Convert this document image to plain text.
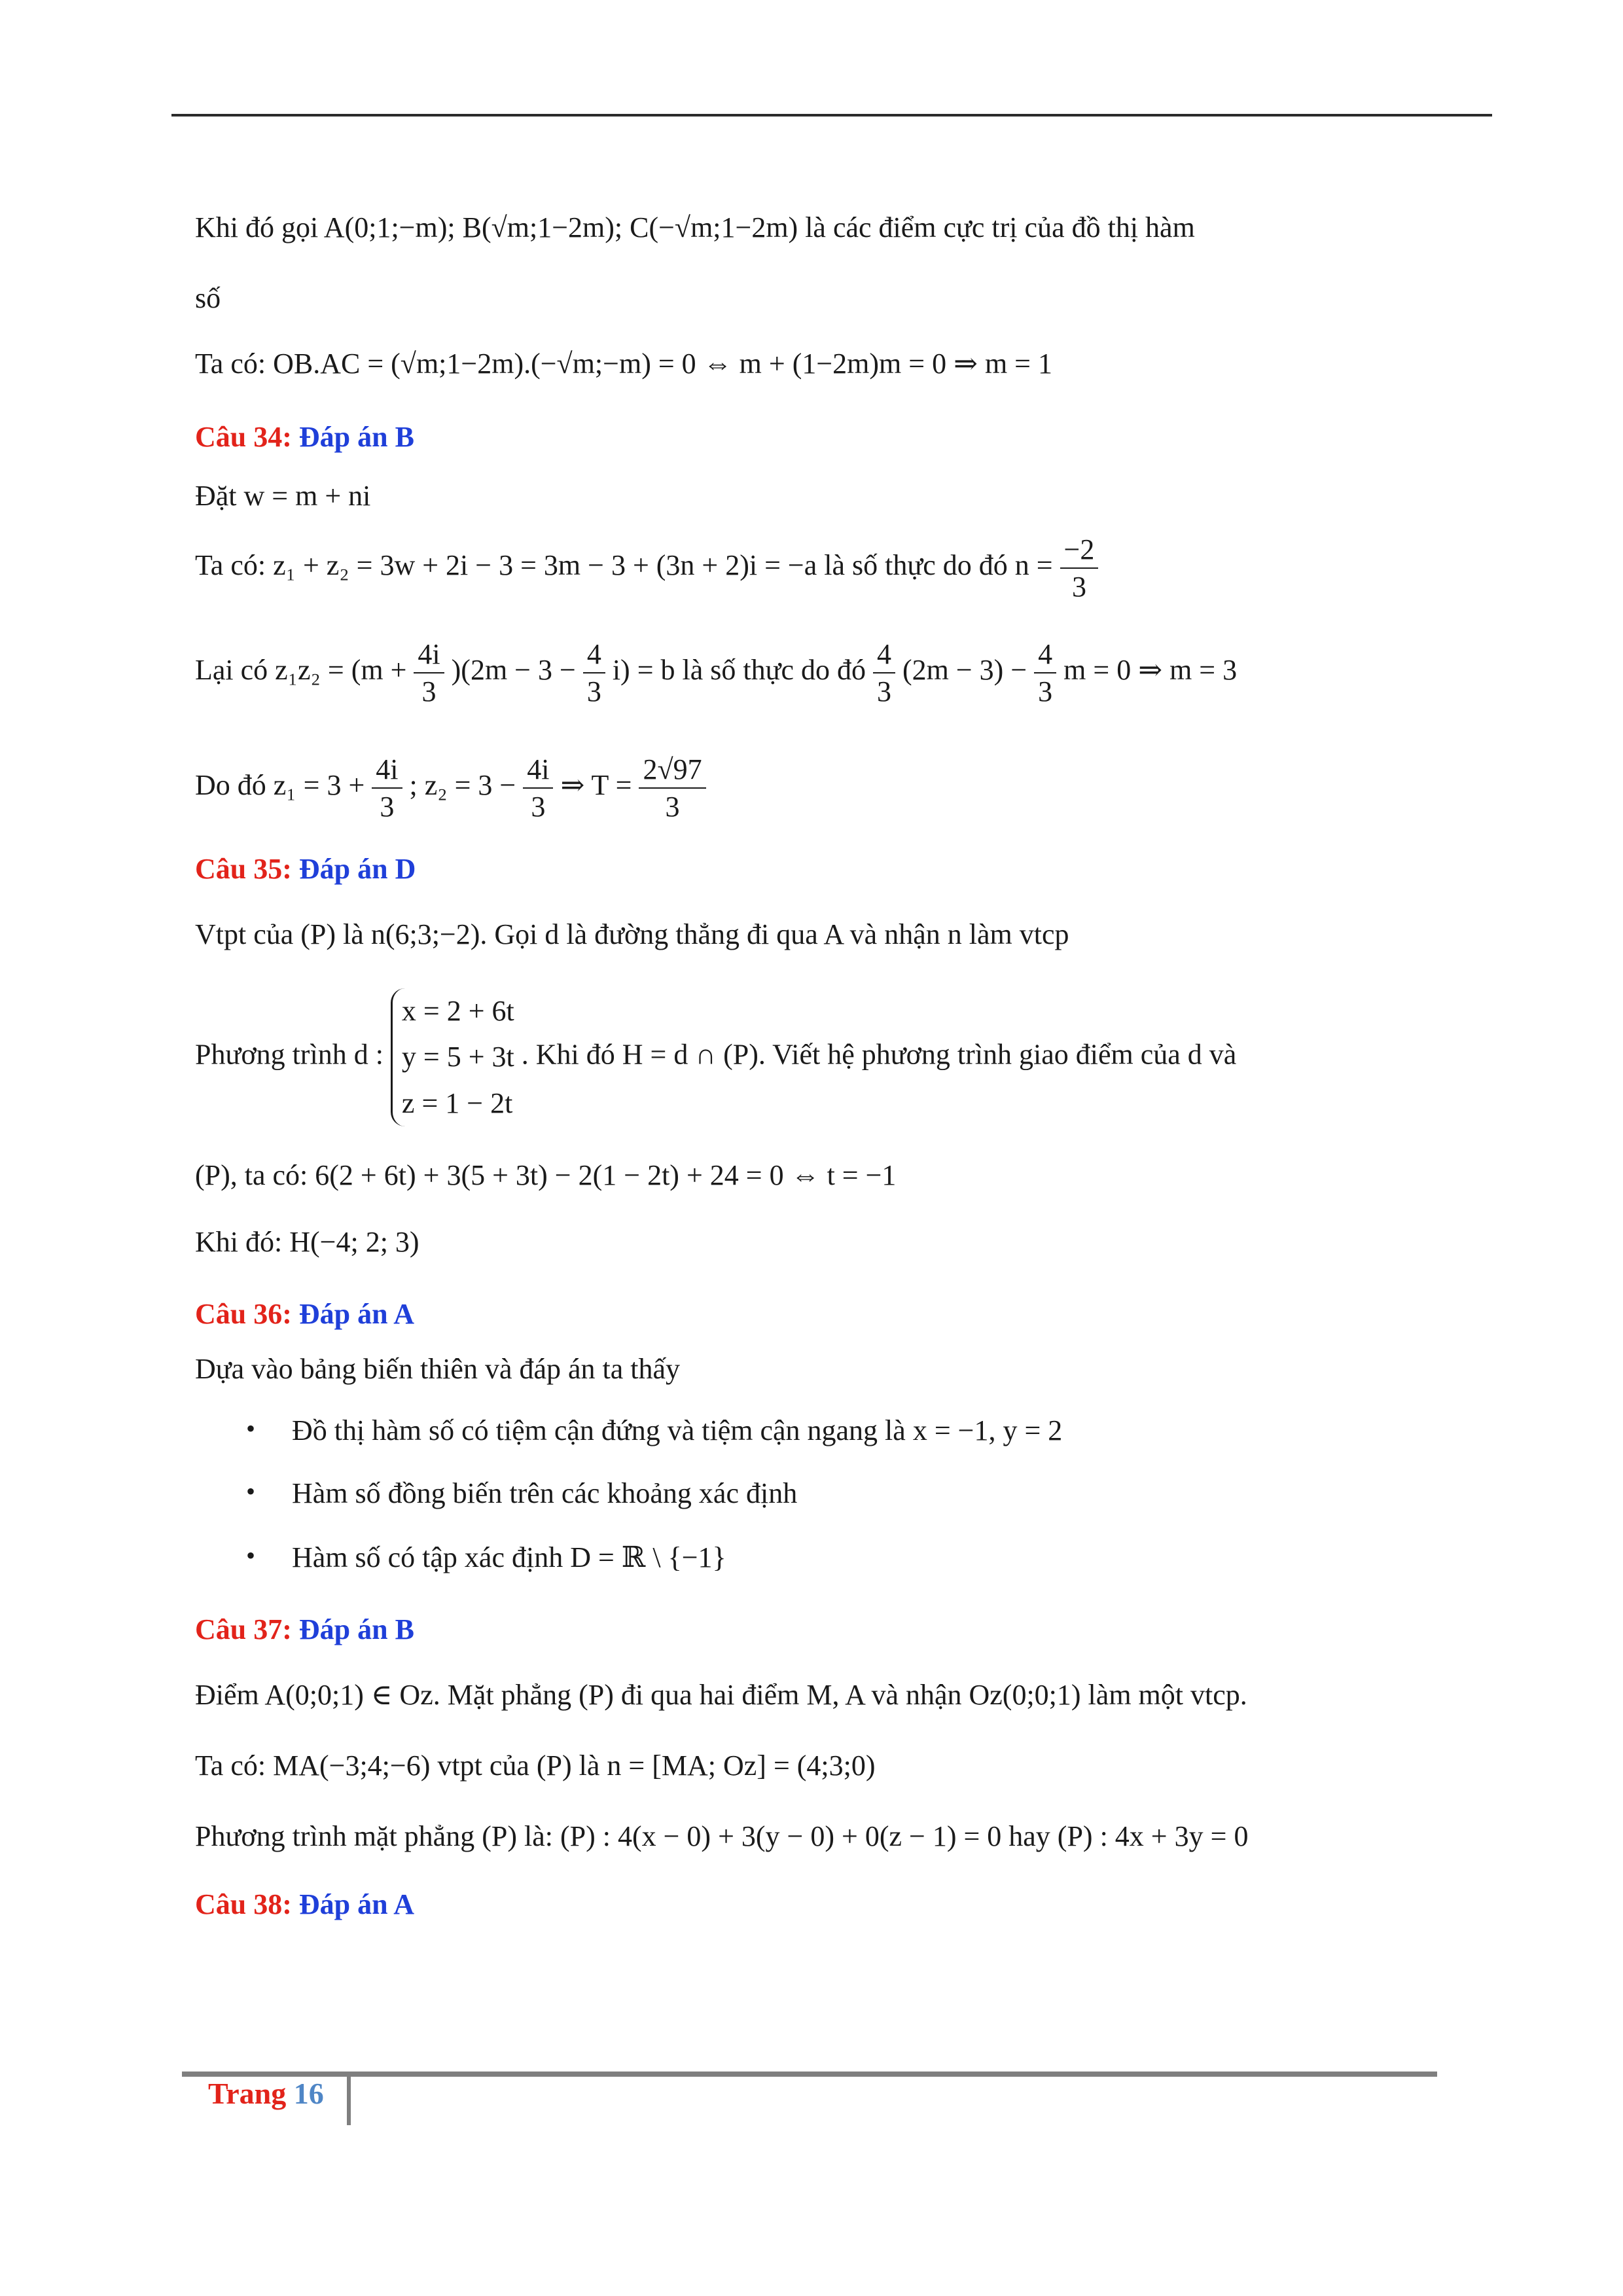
Khi đó gọi A(0;1;−m); B(√m;1−2m); C(−√m;1−2m) là các điểm cực trị của đồ thị hàm
số
Ta có: OB.AC = (√m;1−2m).(−√m;−m) = 0 ⇔ m + (1−2m)m = 0 ⇒ m = 1
Câu 34: Đáp án B
Đặt w = m + ni
Ta có: z₁ + z₂ = 3w + 2i − 3 = 3m − 3 + (3n + 2)i = −a là số thực do đó $n = \frac{-2}{3}$
Lại có $z_1z_2 = (m + \frac{4i}{3} )(2m - 3 - \frac{4}{3} i) = b$ là số thực do đó $\frac{4}{3} (2m - 3) - \frac{4}{3}$ m = 0 ⇒ m = 3
Do đó $z_1 = 3 + \frac{4i}{3}$ ; $z_2 = 3 - \frac{4i}{3}$ ⇒ $T = \frac{2√97}{3}$
Câu 35: Đáp án D
Vtpt của (P) là n(6;3;−2). Gọi d là đường thẳng đi qua A và nhận n làm vtcp
Phương trình d :
x = 2 + 6t
y = 5 + 3t
z = 1 − 2t
. Khi đó H = d ∩ (P). Viết hệ phương trình giao điểm của d và
(P), ta có: 6(2 + 6t) + 3(5 + 3t) − 2(1 − 2t) + 24 = 0 ⇔ t = −1
Khi đó: H(−4; 2; 3)
Câu 36: Đáp án A
Dựa vào bảng biến thiên và đáp án ta thấy
• Đồ thị hàm số có tiệm cận đứng và tiệm cận ngang là x = −1, y = 2
• Hàm số đồng biến trên các khoảng xác định
• Hàm số có tập xác định D = ℝ \ {−1}
Câu 37: Đáp án B
Điểm A(0;0;1) ∈ Oz. Mặt phẳng (P) đi qua hai điểm M, A và nhận Oz(0;0;1) làm một vtcp.
Ta có: MA(−3;4;−6) vtpt của (P) là n = [MA; Oz] = (4;3;0)
Phương trình mặt phẳng (P) là: (P) : 4(x − 0) + 3(y − 0) + 0(z − 1) = 0 hay (P) : 4x + 3y = 0
Câu 38: Đáp án A
Trang 16
